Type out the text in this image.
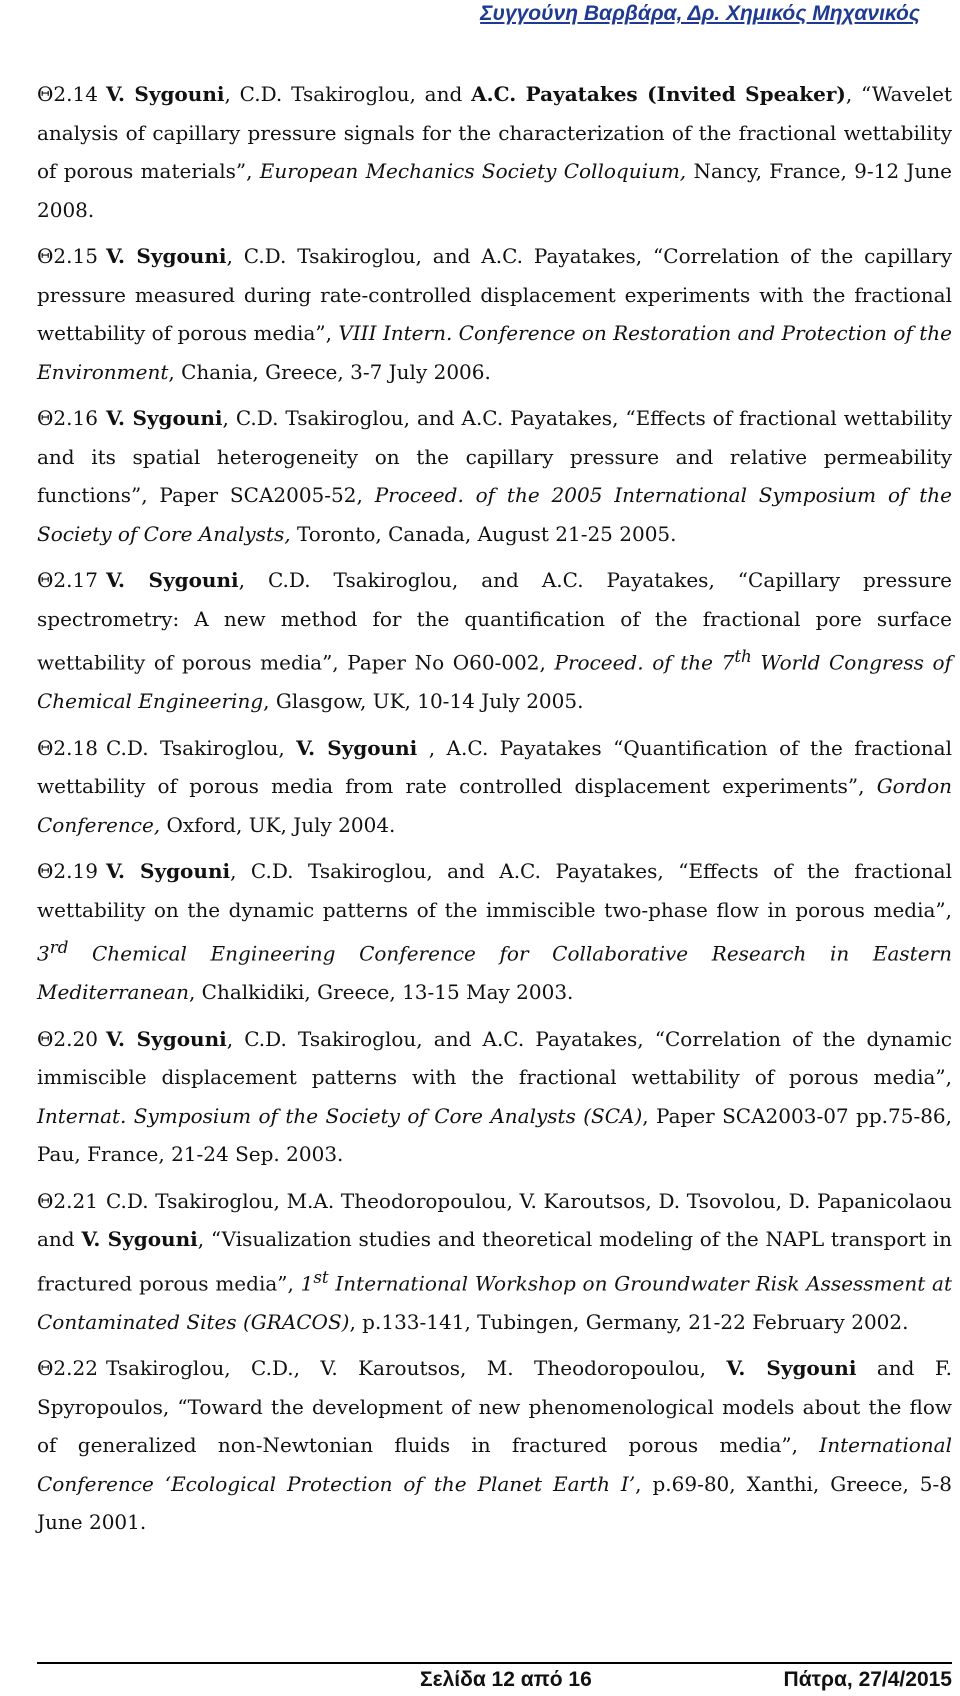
Συγγούνη Βαρβάρα, Δρ. Χημικός Μηχανικός

Θ2.14 V. Sygouni, C.D. Tsakiroglou, and A.C. Payatakes (Invited Speaker), “Wavelet analysis of capillary pressure signals for the characterization of the fractional wettability of porous materials”, European Mechanics Society Colloquium, Nancy, France, 9-12 June 2008.

Θ2.15 V. Sygouni, C.D. Tsakiroglou, and A.C. Payatakes, “Correlation of the capillary pressure measured during rate-controlled displacement experiments with the fractional wettability of porous media”, VIII Intern. Conference on Restoration and Protection of the Environment, Chania, Greece, 3-7 July 2006.

Θ2.16 V. Sygouni, C.D. Tsakiroglou, and A.C. Payatakes, “Effects of fractional wettability and its spatial heterogeneity on the capillary pressure and relative permeability functions”, Paper SCA2005-52, Proceed. of the 2005 International Symposium of the Society of Core Analysts, Toronto, Canada, August 21-25 2005.

Θ2.17 V. Sygouni, C.D. Tsakiroglou, and A.C. Payatakes, “Capillary pressure spectrometry: A new method for the quantification of the fractional pore surface wettability of porous media”, Paper No O60-002, Proceed. of the 7th World Congress of Chemical Engineering, Glasgow, UK, 10-14 July 2005.

Θ2.18 C.D. Tsakiroglou, V. Sygouni , A.C. Payatakes “Quantification of the fractional wettability of porous media from rate controlled displacement experiments”, Gordon Conference, Oxford, UK, July 2004.

Θ2.19 V. Sygouni, C.D. Tsakiroglou, and A.C. Payatakes, “Effects of the fractional wettability on the dynamic patterns of the immiscible two-phase flow in porous media”, 3rd Chemical Engineering Conference for Collaborative Research in Eastern Mediterranean, Chalkidiki, Greece, 13-15 May 2003.

Θ2.20 V. Sygouni, C.D. Tsakiroglou, and A.C. Payatakes, “Correlation of the dynamic immiscible displacement patterns with the fractional wettability of porous media”, Internat. Symposium of the Society of Core Analysts (SCA), Paper SCA2003-07 pp.75-86, Pau, France, 21-24 Sep. 2003.

Θ2.21 C.D. Tsakiroglou, M.A. Theodoropoulou, V. Karoutsos, D. Tsovolou, D. Papanicolaou and V. Sygouni, “Visualization studies and theoretical modeling of the NAPL transport in fractured porous media”, 1st International Workshop on Groundwater Risk Assessment at Contaminated Sites (GRACOS), p.133-141, Tubingen, Germany, 21-22 February 2002.

Θ2.22 Tsakiroglou, C.D., V. Karoutsos, M. Theodoropoulou, V. Sygouni and F. Spyropoulos, “Toward the development of new phenomenological models about the flow of generalized non-Newtonian fluids in fractured porous media”, International Conference ‘Ecological Protection of the Planet Earth I’, p.69-80, Xanthi, Greece, 5-8 June 2001.

Σελίδα 12 από 16	Πάτρα, 27/4/2015
